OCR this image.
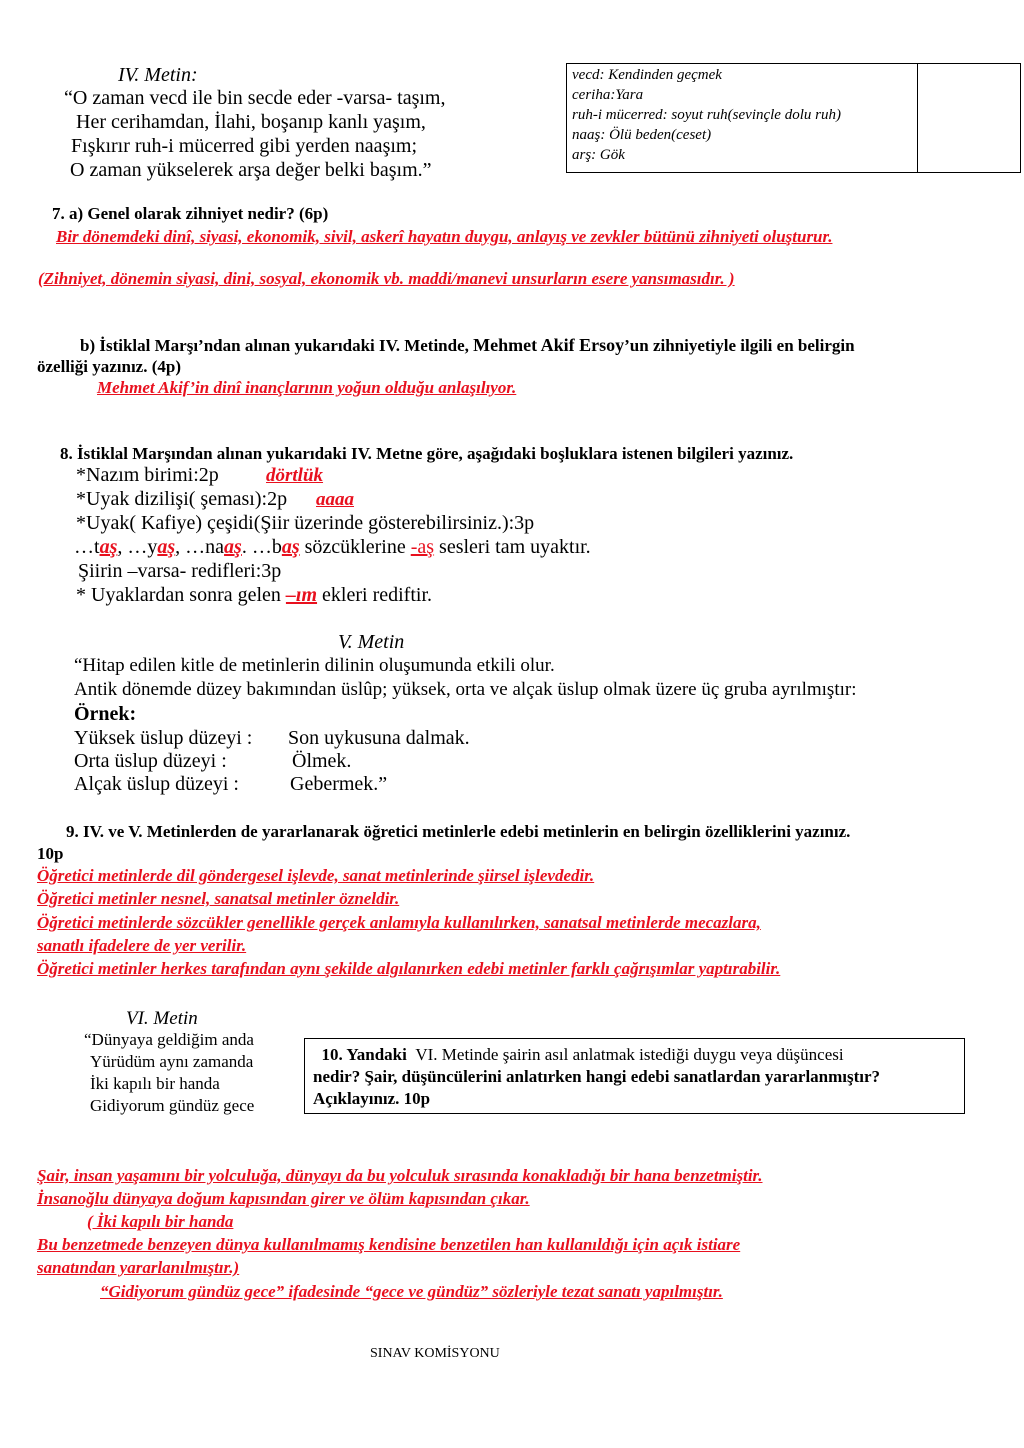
IV. Metin:
“O zaman vecd ile bin secde eder -varsa- taşım,
Her cerihamdan, İlahi, boşanıp kanlı yaşım,
Fışkırır ruh-i mücerred gibi yerden naaşım;
O zaman yükselerek arşa değer belki başım.”
vecd: Kendinden geçmek
ceriha:Yara
ruh-i mücerred: soyut ruh(sevinçle dolu ruh)
naaş: Ölü beden(ceset)
arş: Gök
7. a) Genel olarak zihniyet nedir? (6p)
Bir dönemdeki dinî, siyasi, ekonomik, sivil, askerî hayatın duygu, anlayış ve zevkler bütünü zihniyeti oluşturur.
(Zihniyet, dönemin siyasi, dini, sosyal, ekonomik vb. maddi/manevi unsurların esere yansımasıdır. )
b) İstiklal Marşı’ndan alınan yukarıdaki IV. Metinde, Mehmet Akif Ersoy’un zihniyetiyle ilgili en belirgin
özelliği yazınız. (4p)
Mehmet Akif’in dinî inançlarının yoğun olduğu anlaşılıyor.
8. İstiklal Marşından alınan yukarıdaki IV. Metne göre, aşağıdaki boşluklara istenen bilgileri yazınız.
*Nazım birimi:2p dörtlük
*Uyak dizilişi( şeması):2p aaaa
*Uyak( Kafiye) çeşidi(Şiir üzerinde gösterebilirsiniz.):3p
…taş, …yaş, …naaş. …baş sözcüklerine -aş sesleri tam uyaktır.
Şiirin –varsa- redifleri:3p
* Uyaklardan sonra gelen –ım ekleri rediftir.
V. Metin
“Hitap edilen kitle de metinlerin dilinin oluşumunda etkili olur.
Antik dönemde düzey bakımından üslûp; yüksek, orta ve alçak üslup olmak üzere üç gruba ayrılmıştır:
Örnek:
Yüksek üslup düzeyi : Son uykusuna dalmak.
Orta üslup düzeyi :	Ölmek.
Alçak üslup düzeyi :	Gebermek.”
9. IV. ve V. Metinlerden de yararlanarak öğretici metinlerle edebi metinlerin en belirgin özelliklerini yazınız.
10p
Öğretici metinlerde dil göndergesel işlevde, sanat metinlerinde şiirsel işlevdedir.
Öğretici metinler nesnel, sanatsal metinler özneldir.
Öğretici metinlerde sözcükler genellikle gerçek anlamıyla kullanılırken, sanatsal metinlerde mecazlara,
sanatlı ifadelere de yer verilir.
Öğretici metinler herkes tarafından aynı şekilde algılanırken edebi metinler farklı çağrışımlar yaptırabilir.
VI. Metin
“Dünyaya geldiğim anda
Yürüdüm aynı zamanda
İki kapılı bir handa
Gidiyorum gündüz gece
10. Yandaki VI. Metinde şairin asıl anlatmak istediği duygu veya düşüncesi
nedir? Şair, düşüncülerini anlatırken hangi edebi sanatlardan yararlanmıştır?
Açıklayınız. 10p
Şair, insan yaşamını bir yolculuğa, dünyayı da bu yolculuk sırasında konakladığı bir hana benzetmiştir.
İnsanoğlu dünyaya doğum kapısından girer ve ölüm kapısından çıkar.
( İki kapılı bir handa
Bu benzetmede benzeyen dünya kullanılmamış kendisine benzetilen han kullanıldığı için açık istiare
sanatından yararlanılmıştır.)
“Gidiyorum gündüz gece” ifadesinde “gece ve gündüz” sözleriyle tezat sanatı yapılmıştır.
SINAV KOMİSYONU
